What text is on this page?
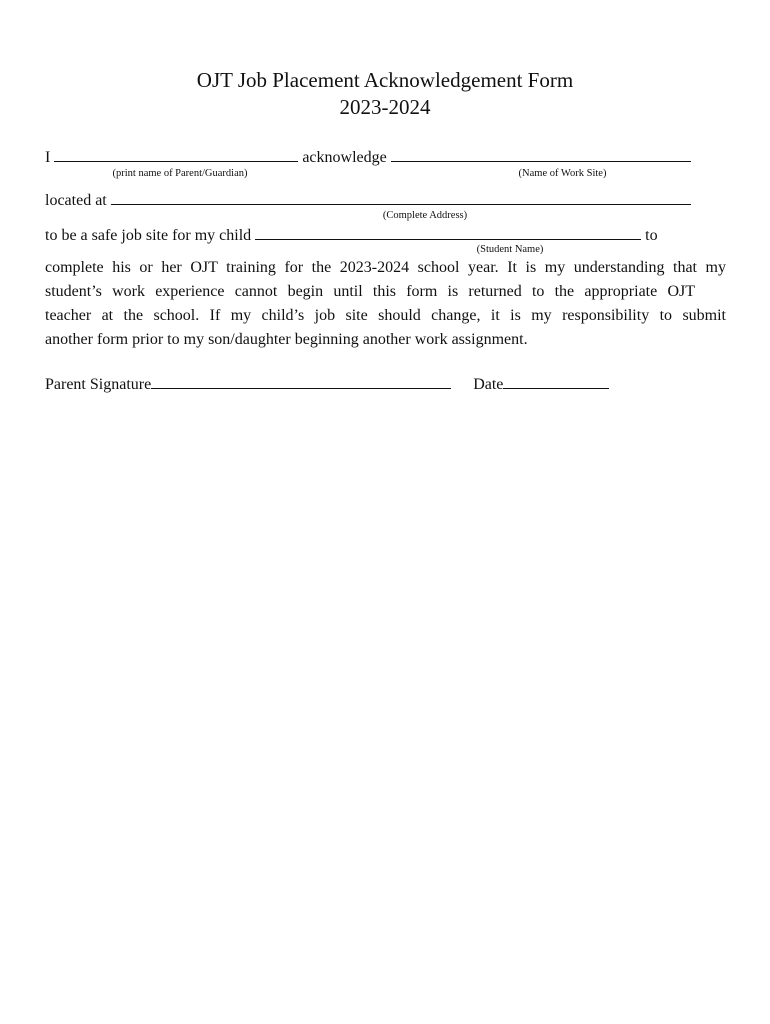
OJT Job Placement Acknowledgement Form
2023-2024
I	acknowledge
(print name of Parent/Guardian)	(Name of Work Site)
located at
(Complete Address)
to be a safe job site for my child	to
(Student Name)
complete his or her OJT training for the 2023-2024 school year. It is my understanding that my
student’s work experience cannot begin until this form is returned to the appropriate OJT
teacher at the school. If my child’s job site should change, it is my responsibility to submit
another form prior to my son/daughter beginning another work assignment.
Parent Signature	Date
